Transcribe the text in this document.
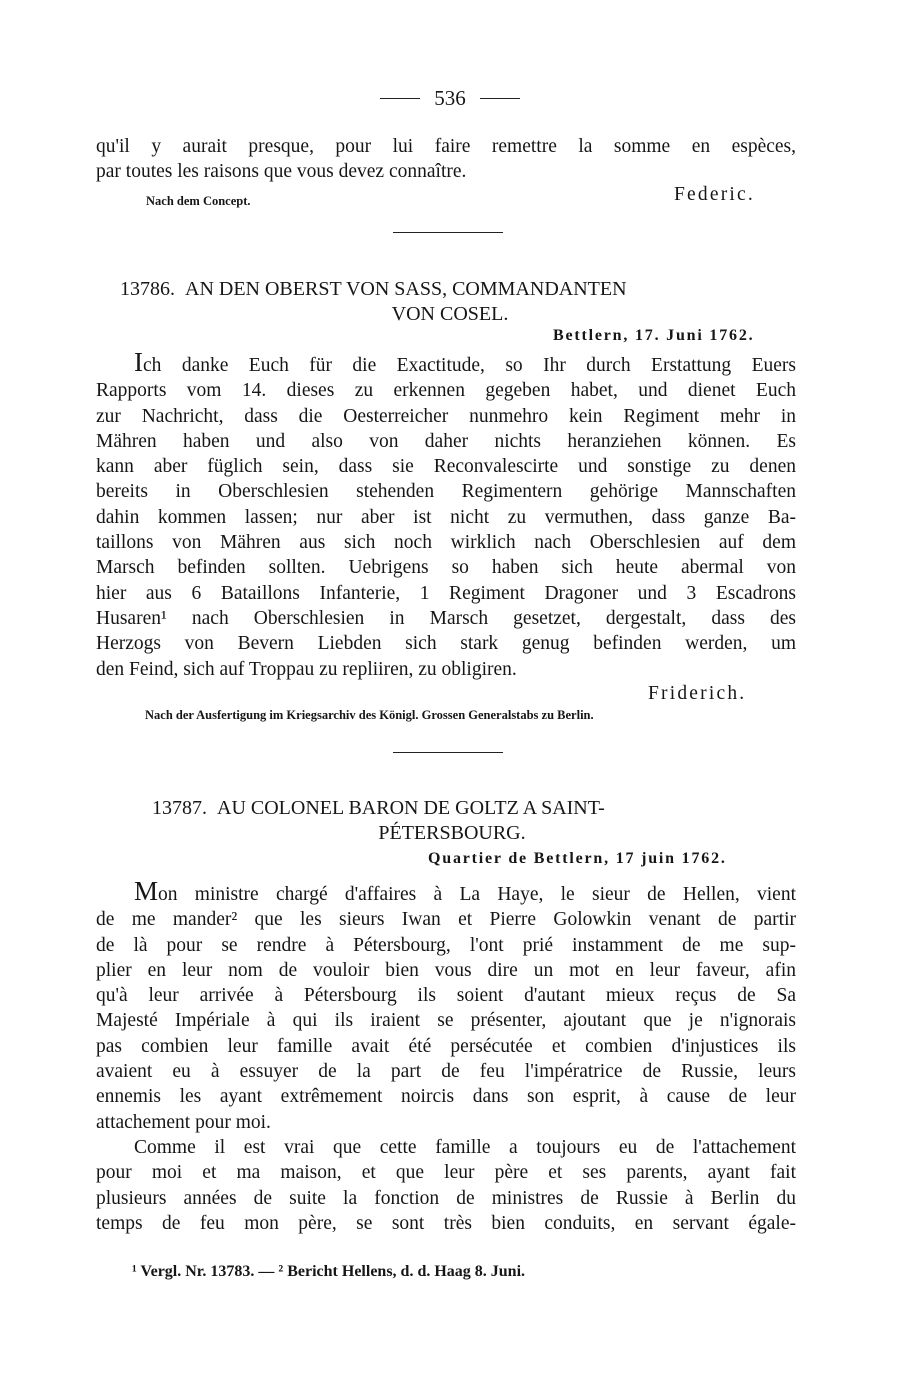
536
qu'il y aurait presque, pour lui faire remettre la somme en espèces,
par toutes les raisons que vous devez connaître.
Nach dem Concept.	Federic.
13786. AN DEN OBERST VON SASS, COMMANDANTEN
VON COSEL.
Bettlern, 17. Juni 1762.
Ich danke Euch für die Exactitude, so Ihr durch Erstattung Euers
Rapports vom 14. dieses zu erkennen gegeben habet, und dienet Euch
zur Nachricht, dass die Oesterreicher nunmehro kein Regiment mehr in
Mähren haben und also von daher nichts heranziehen können. Es
kann aber füglich sein, dass sie Reconvalescirte und sonstige zu denen
bereits in Oberschlesien stehenden Regimentern gehörige Mannschaften
dahin kommen lassen; nur aber ist nicht zu vermuthen, dass ganze Ba-
taillons von Mähren aus sich noch wirklich nach Oberschlesien auf dem
Marsch befinden sollten. Uebrigens so haben sich heute abermal von
hier aus 6 Bataillons Infanterie, 1 Regiment Dragoner und 3 Escadrons
Husaren¹ nach Oberschlesien in Marsch gesetzet, dergestalt, dass des
Herzogs von Bevern Liebden sich stark genug befinden werden, um
den Feind, sich auf Troppau zu repliiren, zu obligiren.
Friderich.
Nach der Ausfertigung im Kriegsarchiv des Königl. Grossen Generalstabs zu Berlin.
13787. AU COLONEL BARON DE GOLTZ A SAINT-
PÉTERSBOURG.
Quartier de Bettlern, 17 juin 1762.
Mon ministre chargé d'affaires à La Haye, le sieur de Hellen, vient
de me mander² que les sieurs Iwan et Pierre Golowkin venant de partir
de là pour se rendre à Pétersbourg, l'ont prié instamment de me sup-
plier en leur nom de vouloir bien vous dire un mot en leur faveur, afin
qu'à leur arrivée à Pétersbourg ils soient d'autant mieux reçus de Sa
Majesté Impériale à qui ils iraient se présenter, ajoutant que je n'ignorais
pas combien leur famille avait été persécutée et combien d'injustices ils
avaient eu à essuyer de la part de feu l'impératrice de Russie, leurs
ennemis les ayant extrêmement noircis dans son esprit, à cause de leur
attachement pour moi.
Comme il est vrai que cette famille a toujours eu de l'attachement
pour moi et ma maison, et que leur père et ses parents, ayant fait
plusieurs années de suite la fonction de ministres de Russie à Berlin du
temps de feu mon père, se sont très bien conduits, en servant égale-
¹ Vergl. Nr. 13783. — ² Bericht Hellens, d. d. Haag 8. Juni.
